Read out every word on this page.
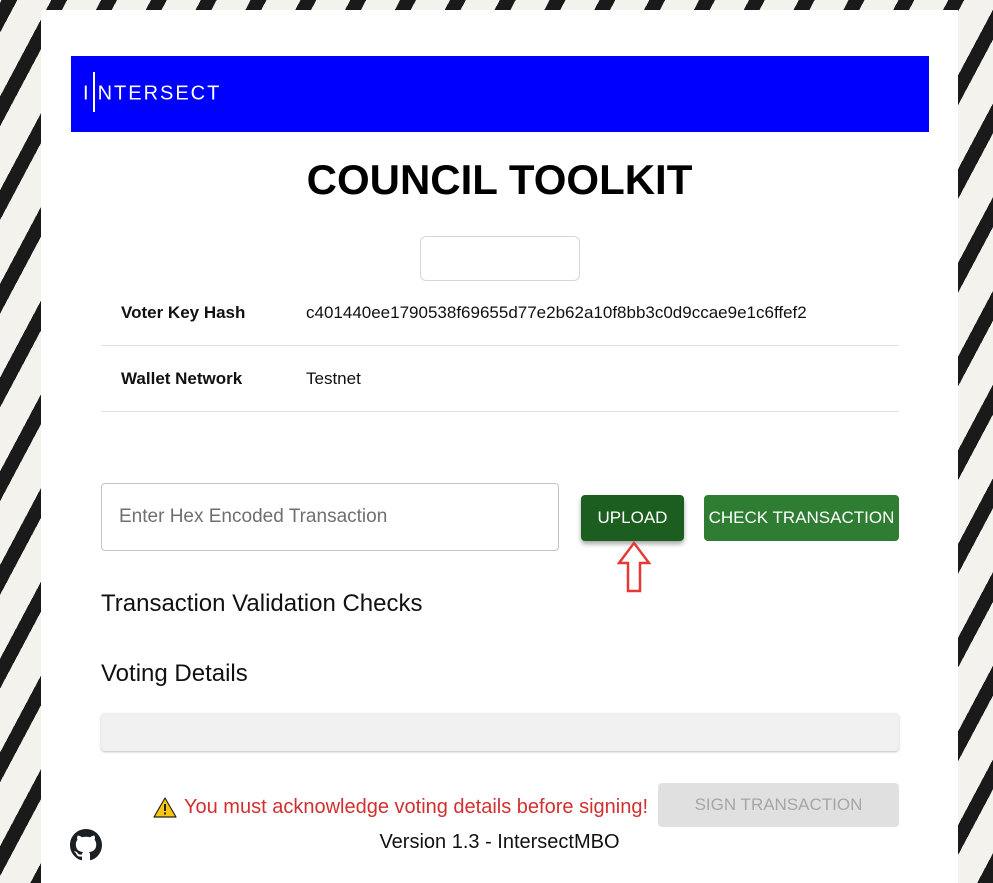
I NTERSECT
COUNCIL TOOLKIT
Voter Key Hash	c401440ee1790538f69655d77e2b62a10f8bb3c0d9ccae9e1c6ffef2
Wallet Network	Testnet
Enter Hex Encoded Transaction
UPLOAD	CHECK TRANSACTION
Transaction Validation Checks
Voting Details
You must acknowledge voting details before signing!	SIGN TRANSACTION
Version 1.3 - IntersectMBO
